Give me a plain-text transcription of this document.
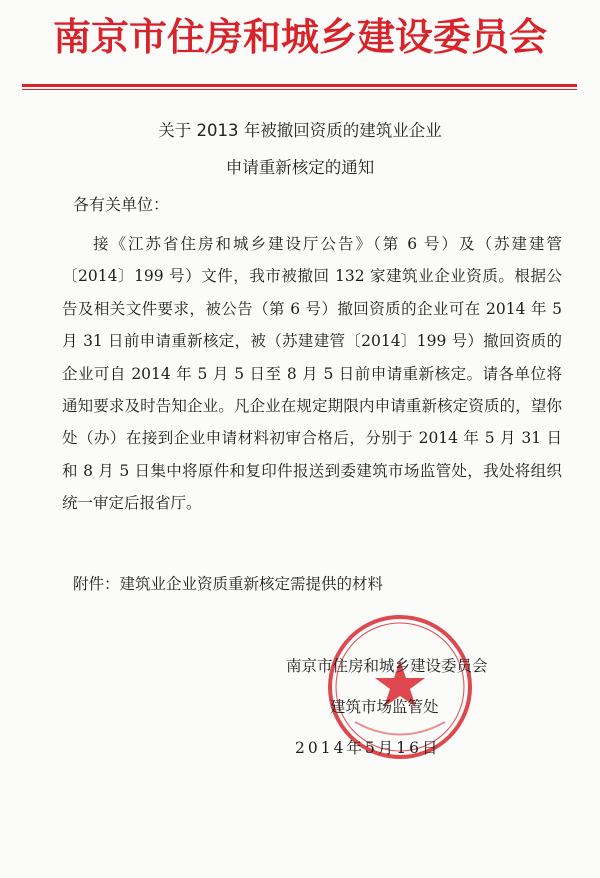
南京市住房和城乡建设委员会
关于 2013 年被撤回资质的建筑业企业
申请重新核定的通知
各有关单位：
接《江苏省住房和城乡建设厅公告》（第 6 号）及（苏建建管〔2014〕199 号）文件，我市被撤回 132 家建筑业企业资质。根据公告及相关文件要求，被公告（第 6 号）撤回资质的企业可在 2014 年 5 月 31 日前申请重新核定，被（苏建建管〔2014〕199 号）撤回资质的企业可自 2014 年 5 月 5 日至 8 月 5 日前申请重新核定。请各单位将通知要求及时告知企业。凡企业在规定期限内申请重新核定资质的，望你处（办）在接到企业申请材料初审合格后，分别于 2014 年 5 月 31 日和 8 月 5 日集中将原件和复印件报送到委建筑市场监管处，我处将组织统一审定后报省厅。
附件：建筑业企业资质重新核定需提供的材料
南京市住房和城乡建设委员会
建筑市场监管处
2014年5月16日
